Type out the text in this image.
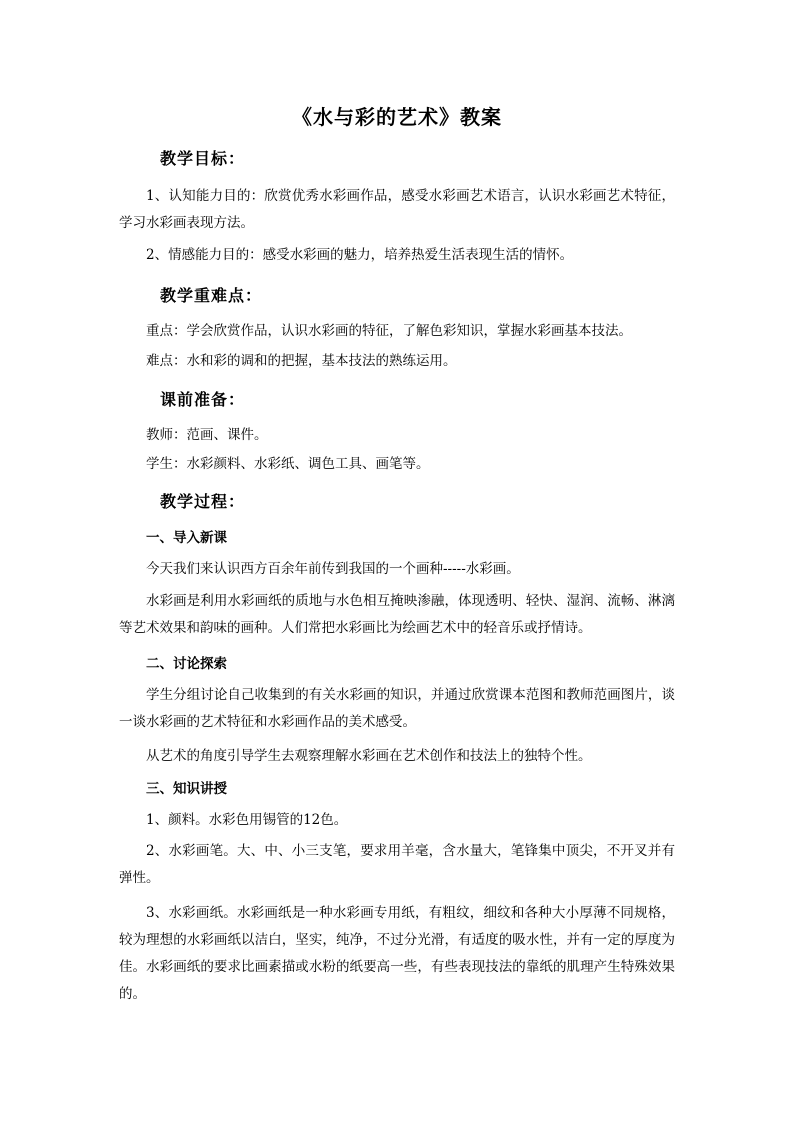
《水与彩的艺术》教案
教学目标：
1、认知能力目的：欣赏优秀水彩画作品，感受水彩画艺术语言，认识水彩画艺术特征，学习水彩画表现方法。
2、情感能力目的：感受水彩画的魅力，培养热爱生活表现生活的情怀。
教学重难点：
重点：学会欣赏作品，认识水彩画的特征，了解色彩知识，掌握水彩画基本技法。
难点：水和彩的调和的把握，基本技法的熟练运用。
课前准备：
教师：范画、课件。
学生：水彩颜料、水彩纸、调色工具、画笔等。
教学过程：
一、导入新课
今天我们来认识西方百余年前传到我国的一个画种-----水彩画。
水彩画是利用水彩画纸的质地与水色相互掩映渗融，体现透明、轻快、湿润、流畅、淋漓等艺术效果和韵味的画种。人们常把水彩画比为绘画艺术中的轻音乐或抒情诗。
二、讨论探索
学生分组讨论自己收集到的有关水彩画的知识，并通过欣赏课本范图和教师范画图片，谈一谈水彩画的艺术特征和水彩画作品的美术感受。
从艺术的角度引导学生去观察理解水彩画在艺术创作和技法上的独特个性。
三、知识讲授
1、颜料。水彩色用锡管的12色。
2、水彩画笔。大、中、小三支笔，要求用羊毫，含水量大，笔锋集中顶尖，不开叉并有弹性。
3、水彩画纸。水彩画纸是一种水彩画专用纸，有粗纹，细纹和各种大小厚薄不同规格，较为理想的水彩画纸以洁白，坚实，纯净，不过分光滑，有适度的吸水性，并有一定的厚度为佳。水彩画纸的要求比画素描或水粉的纸要高一些，有些表现技法的靠纸的肌理产生特殊效果的。
